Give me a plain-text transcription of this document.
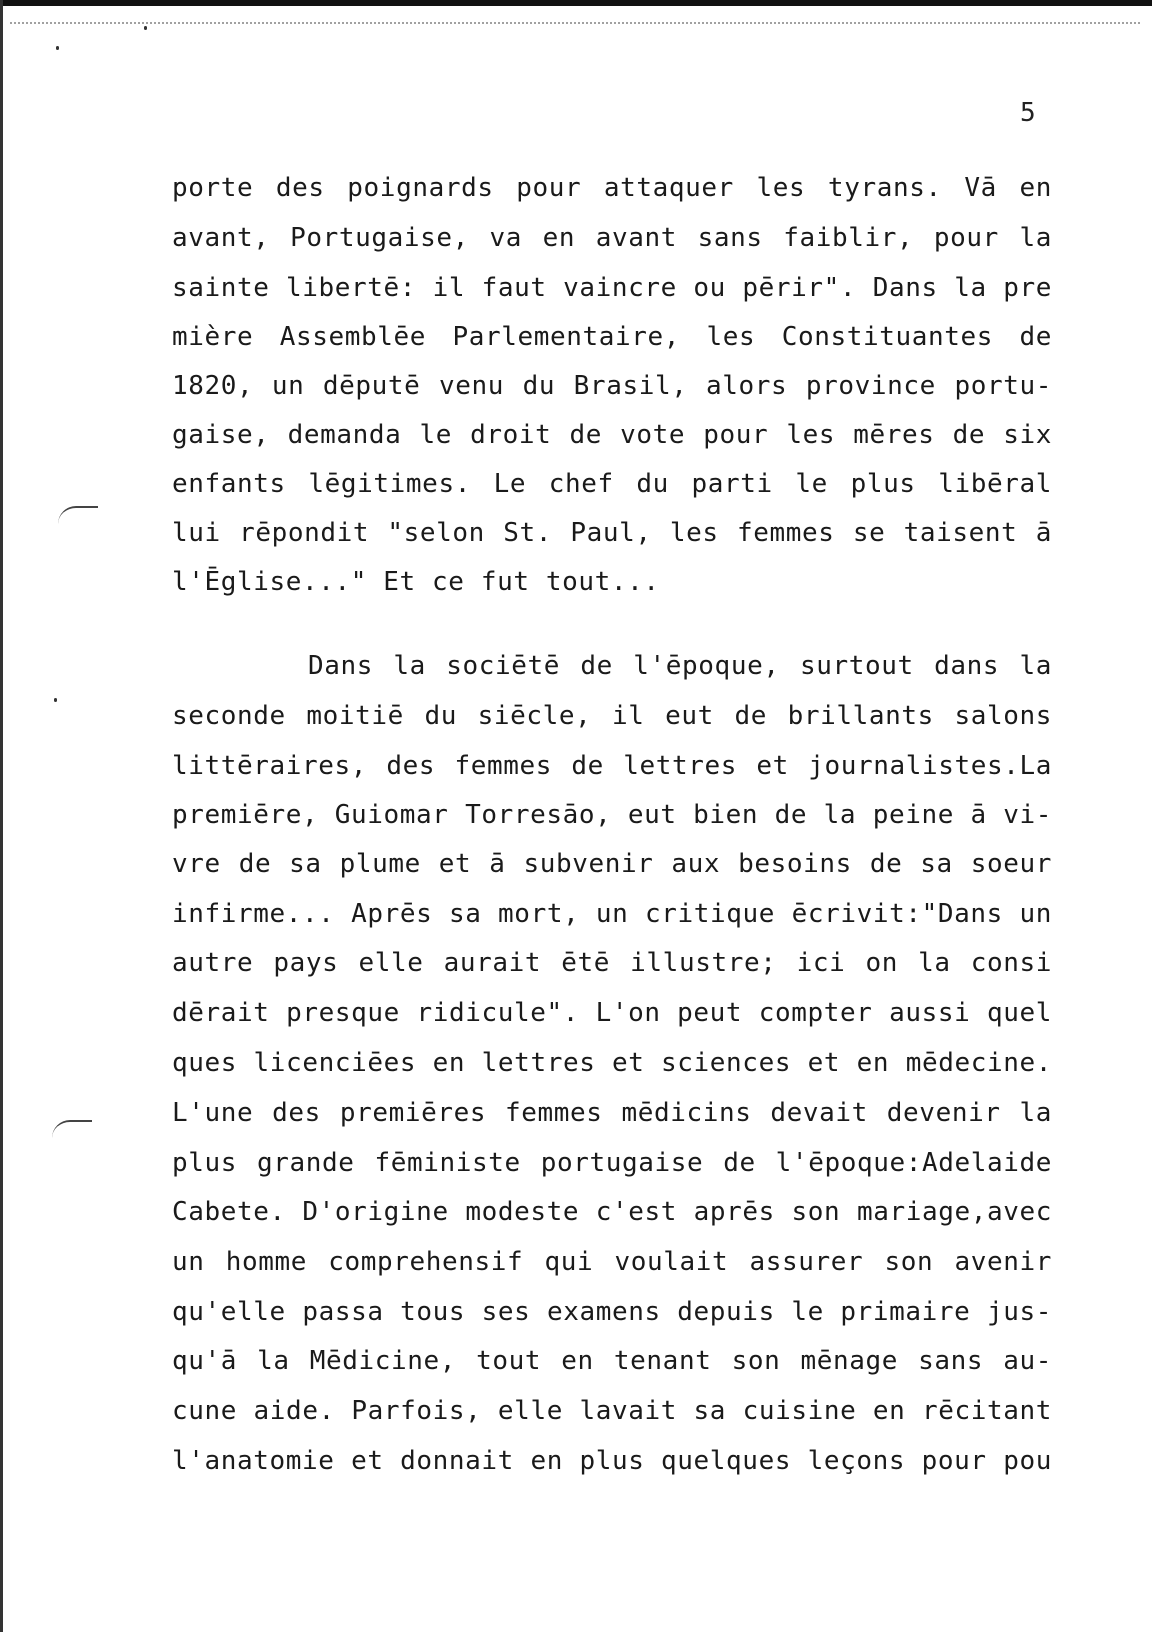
5
porte des poignards pour attaquer les tyrans. Vā en
avant, Portugaise, va en avant sans faiblir, pour la
sainte libertē: il faut vaincre ou pērir". Dans la pre
mière Assemblēe Parlementaire, les Constituantes de
1820, un dēputē venu du Brasil, alors province portu-
gaise, demanda le droit de vote pour les mēres de six
enfants lēgitimes. Le chef du parti le plus libēral
lui rēpondit "selon St. Paul, les femmes se taisent ā
l'Ēglise..." Et ce fut tout...
Dans la sociētē de l'ēpoque, surtout dans la
seconde moitiē du siēcle, il eut de brillants salons
littēraires, des femmes de lettres et journalistes.La
premiēre, Guiomar Torresāo, eut bien de la peine ā vi-
vre de sa plume et ā subvenir aux besoins de sa soeur
infirme... Aprēs sa mort, un critique ēcrivit:"Dans un
autre pays elle aurait ētē illustre; ici on la consi
dērait presque ridicule". L'on peut compter aussi quel
ques licenciēes en lettres et sciences et en mēdecine.
L'une des premiēres femmes mēdicins devait devenir la
plus grande fēministe portugaise de l'ēpoque:Adelaide
Cabete. D'origine modeste c'est aprēs son mariage,avec
un homme comprehensif qui voulait assurer son avenir
qu'elle passa tous ses examens depuis le primaire jus-
qu'ā la Mēdicine, tout en tenant son mēnage sans au-
cune aide. Parfois, elle lavait sa cuisine en rēcitant
l'anatomie et donnait en plus quelques leçons pour pou
